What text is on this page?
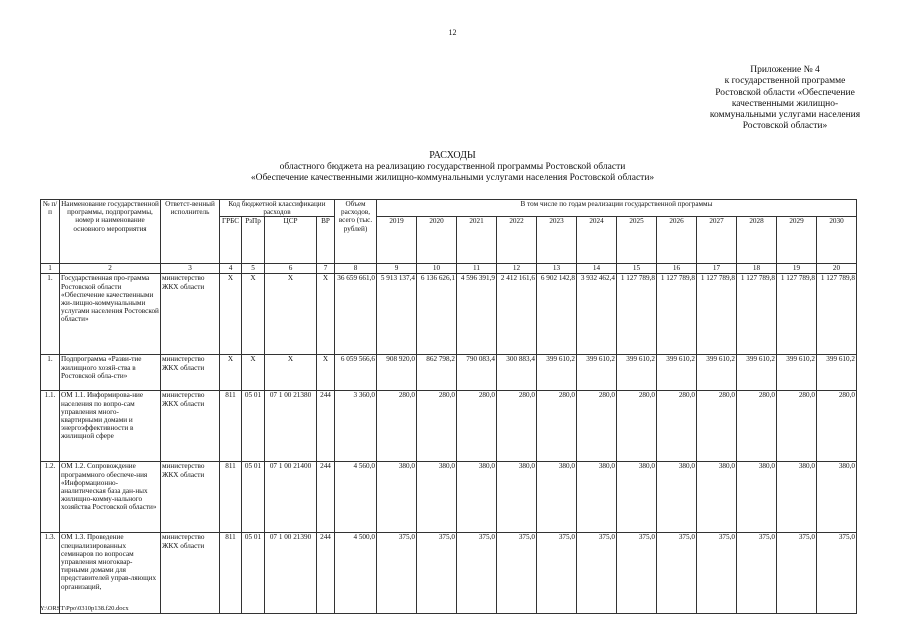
12
Приложение № 4
к государственной программе
Ростовской области «Обеспечение
качественными жилищно-
коммунальными услугами населения
Ростовской области»
РАСХОДЫ
областного бюджета на реализацию государственной программы Ростовской области
«Обеспечение качественными жилищно-коммунальными услугами населения Ростовской области»
№ п/п	Наименование государственной программы, подпрограммы, номер и наименование основного мероприятия	Ответст-венный исполнитель	Код бюджетной классификации расходов				Объем расходов, всего (тыс. рублей)	В том числе по годам реализации государственной программы											
			ГРБС	РзПр	ЦСР	ВР		2019	2020	2021	2022	2023	2024	2025	2026	2027	2028	2029	2030
1	2	3	4	5	6	7	8	9	10	11	12	13	14	15	16	17	18	19	20
1.	Государственная про-грамма Ростовской области «Обеспечение качественными жи-лищно-коммунальными услугами населения Ростовской области»	министерство ЖКХ области	X	X	X	X	36 659 661,0	5 913 137,4	6 136 626,1	4 596 391,9	2 412 161,6	6 902 142,8	3 932 462,4	1 127 789,8	1 127 789,8	1 127 789,8	1 127 789,8	1 127 789,8	1 127 789,8
1.	Подпрограмма «Разви-тие жилищного хозяй-ства в Ростовской обла-сти»	министерство ЖКХ области	X	X	X	X	6 059 566,6	908 920,0	862 798,2	790 083,4	300 883,4	399 610,2	399 610,2	399 610,2	399 610,2	399 610,2	399 610,2	399 610,2	399 610,2
1.1.	ОМ 1.1. Информирова-ние населения по вопро-сам управления много-квартирными домами и энергоэффективности в жилищной сфере	министерство ЖКХ области	811	05 01	07 1 00 21380	244	3 360,0	280,0	280,0	280,0	280,0	280,0	280,0	280,0	280,0	280,0	280,0	280,0	280,0
1.2.	ОМ 1.2. Сопровождение программного обеспече-ния «Информационно-аналитическая база дан-ных жилищно-комму-нального хозяйства Ростовской области»	министерство ЖКХ области	811	05 01	07 1 00 21400	244	4 560,0	380,0	380,0	380,0	380,0	380,0	380,0	380,0	380,0	380,0	380,0	380,0	380,0
1.3.	ОМ 1.3. Проведение специализированных семинаров по вопросам управления многоквар-тирными домами для представителей управ-ляющих организаций,	министерство ЖКХ области	811	05 01	07 1 00 21390	244	4 500,0	375,0	375,0	375,0	375,0	375,0	375,0	375,0	375,0	375,0	375,0	375,0	375,0
Y:\ORST\Ppo\0310p138.f20.docx
